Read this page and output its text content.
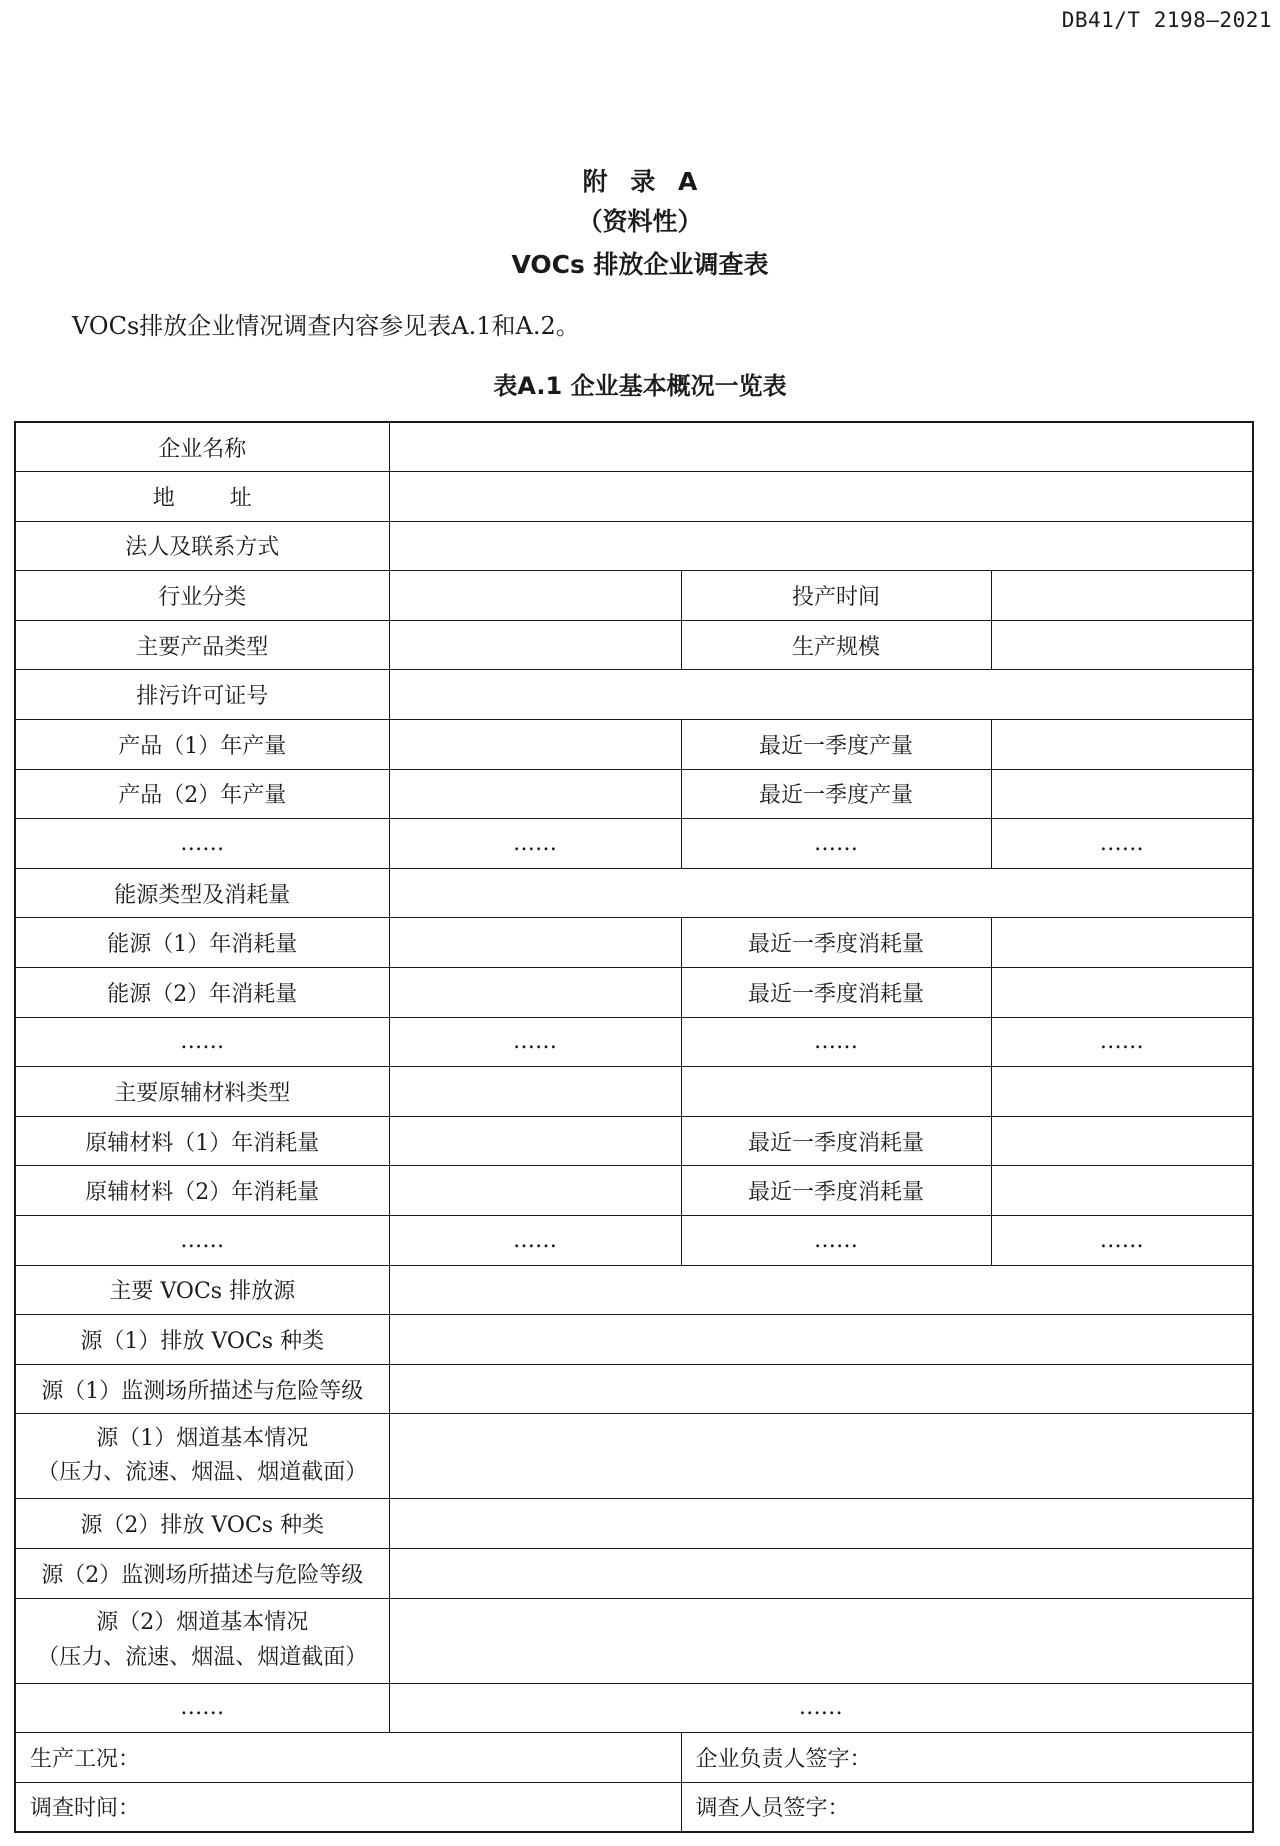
DB41/T 2198—2021
附 录 A
（资料性）
VOCs 排放企业调查表
VOCs排放企业情况调查内容参见表A.1和A.2。
表A.1 企业基本概况一览表
企业名称			
地 址			
法人及联系方式			
行业分类		投产时间	
主要产品类型		生产规模	
排污许可证号			
产品（1）年产量		最近一季度产量	
产品（2）年产量		最近一季度产量	
……	……	……	……
能源类型及消耗量			
能源（1）年消耗量		最近一季度消耗量	
能源（2）年消耗量		最近一季度消耗量	
……	……	……	……
主要原辅材料类型			
原辅材料（1）年消耗量		最近一季度消耗量	
原辅材料（2）年消耗量		最近一季度消耗量	
……	……	……	……
主要 VOCs 排放源			
源（1）排放 VOCs 种类			
源（1）监测场所描述与危险等级			

源（1）烟道基本情况
（压力、流速、烟温、烟道截面）			

源（2）排放 VOCs 种类			
源（2）监测场所描述与危险等级			

源（2）烟道基本情况
（压力、流速、烟温、烟道截面）			

……	……		
生产工况：		企业负责人签字：	
调查时间：		调查人员签字：	
